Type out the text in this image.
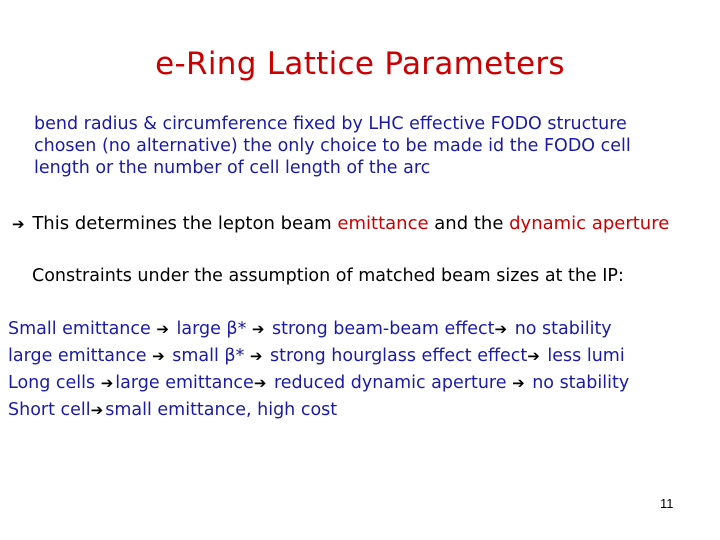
e-Ring Lattice Parameters
bend radius & circumference fixed by LHC effective FODO structure
chosen (no alternative) the only choice to be made id the FODO cell
length or the number of cell length of the arc
➔ This determines the lepton beam emittance and the dynamic aperture
Constraints under the assumption of matched beam sizes at the IP:
Small emittance ➔ large β* ➔ strong beam-beam effect➔ no stability
large emittance ➔ small β* ➔ strong hourglass effect effect➔ less lumi
Long cells ➔ large emittance➔ reduced dynamic aperture ➔ no stability
Short cell➔ small emittance, high cost
11
